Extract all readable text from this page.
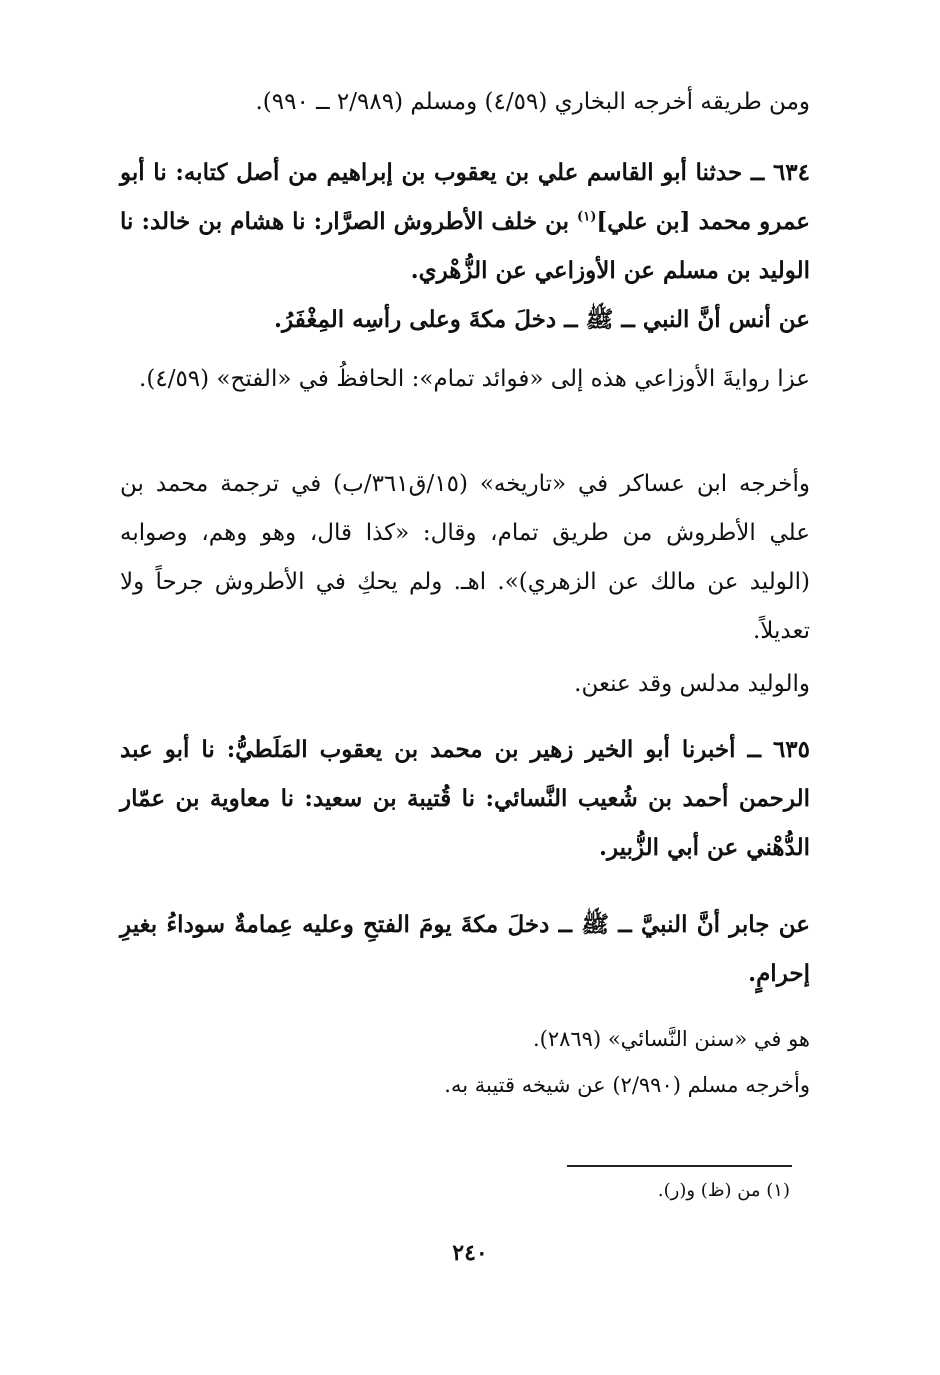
ومن طريقه أخرجه البخاري (٤/٥٩) ومسلم (٢/٩٨٩ ــ ٩٩٠).

٦٣٤ ــ حدثنا أبو القاسم علي بن يعقوب بن إبراهيم من أصل كتابه: نا أبو عمرو محمد [بن علي]$^{(١)}$ بن خلف الأطروش الصرَّار: نا هشام بن خالد: نا الوليد بن مسلم عن الأوزاعي عن الزُّهْري.

عن أنس أنَّ النبي ــ ﷺ ــ دخلَ مكةَ وعلى رأسِه المِغْفَرُ.

عزا روايةَ الأوزاعي هذه إلى «فوائد تمام»: الحافظُ في «الفتح» (٤/٥٩).

وأخرجه ابن عساكر في «تاريخه» (١٥/ق٣٦١/ب) في ترجمة محمد بن علي الأطروش من طريق تمام، وقال: «كذا قال، وهو وهم، وصوابه (الوليد عن مالك عن الزهري)». اهـ. ولم يحكِ في الأطروش جرحاً ولا تعديلاً.

والوليد مدلس وقد عنعن.

٦٣٥ ــ أخبرنا أبو الخير زهير بن محمد بن يعقوب المَلَطيُّ: نا أبو عبد الرحمن أحمد بن شُعيب النَّسائي: نا قُتيبة بن سعيد: نا معاوية بن عمّار الدُّهْني عن أبي الزُّبير.

عن جابر أنَّ النبيَّ ــ ﷺ ــ دخلَ مكةَ يومَ الفتحِ وعليه عِمامةٌ سوداءُ بغيرِ إحرامٍ.

هو في «سنن النَّسائي» (٢٨٦٩).

وأخرجه مسلم (٢/٩٩٠) عن شيخه قتيبة به.

(١) من (ظ) و(ر).
٢٤٠
